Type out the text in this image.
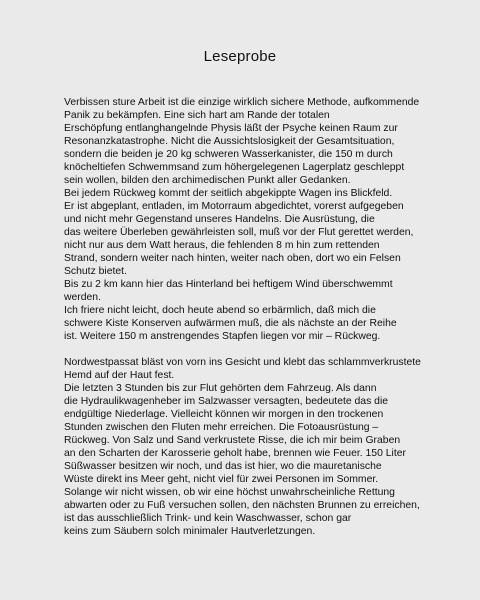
Leseprobe
Verbissen sture Arbeit ist die einzige wirklich sichere Methode, aufkommende
Panik zu bekämpfen. Eine sich hart am Rande der totalen
Erschöpfung entlanghangelnde Physis läßt der Psyche keinen Raum zur
Resonanzkatastrophe. Nicht die Aussichtslosigkeit der Gesamtsituation,
sondern die beiden je 20 kg schweren Wasserkanister, die 150 m durch
knöcheltiefen Schwemmsand zum höhergelegenen Lagerplatz geschleppt
sein wollen, bilden den archimedischen Punkt aller Gedanken.
Bei jedem Rückweg kommt der seitlich abgekippte Wagen ins Blickfeld.
Er ist abgeplant, entladen, im Motorraum abgedichtet, vorerst aufgegeben
und nicht mehr Gegenstand unseres Handelns. Die Ausrüstung, die
das weitere Überleben gewährleisten soll, muß vor der Flut gerettet werden,
nicht nur aus dem Watt heraus, die fehlenden 8 m hin zum rettenden
Strand, sondern weiter nach hinten, weiter nach oben, dort wo ein Felsen
Schutz bietet.
Bis zu 2 km kann hier das Hinterland bei heftigem Wind überschwemmt
werden.
Ich friere nicht leicht, doch heute abend so erbärmlich, daß mich die
schwere Kiste Konserven aufwärmen muß, die als nächste an der Reihe
ist. Weitere 150 m anstrengendes Stapfen liegen vor mir – Rückweg.
Nordwestpassat bläst von vorn ins Gesicht und klebt das schlammverkrustete
Hemd auf der Haut fest.
Die letzten 3 Stunden bis zur Flut gehörten dem Fahrzeug. Als dann
die Hydraulikwagenheber im Salzwasser versagten, bedeutete das die
endgültige Niederlage. Vielleicht können wir morgen in den trockenen
Stunden zwischen den Fluten mehr erreichen. Die Fotoausrüstung –
Rückweg. Von Salz und Sand verkrustete Risse, die ich mir beim Graben
an den Scharten der Karosserie geholt habe, brennen wie Feuer. 150 Liter
Süßwasser besitzen wir noch, und das ist hier, wo die mauretanische
Wüste direkt ins Meer geht, nicht viel für zwei Personen im Sommer.
Solange wir nicht wissen, ob wir eine höchst unwahrscheinliche Rettung
abwarten oder zu Fuß versuchen sollen, den nächsten Brunnen zu erreichen,
ist das ausschließlich Trink- und kein Waschwasser, schon gar
keins zum Säubern solch minimaler Hautverletzungen.
